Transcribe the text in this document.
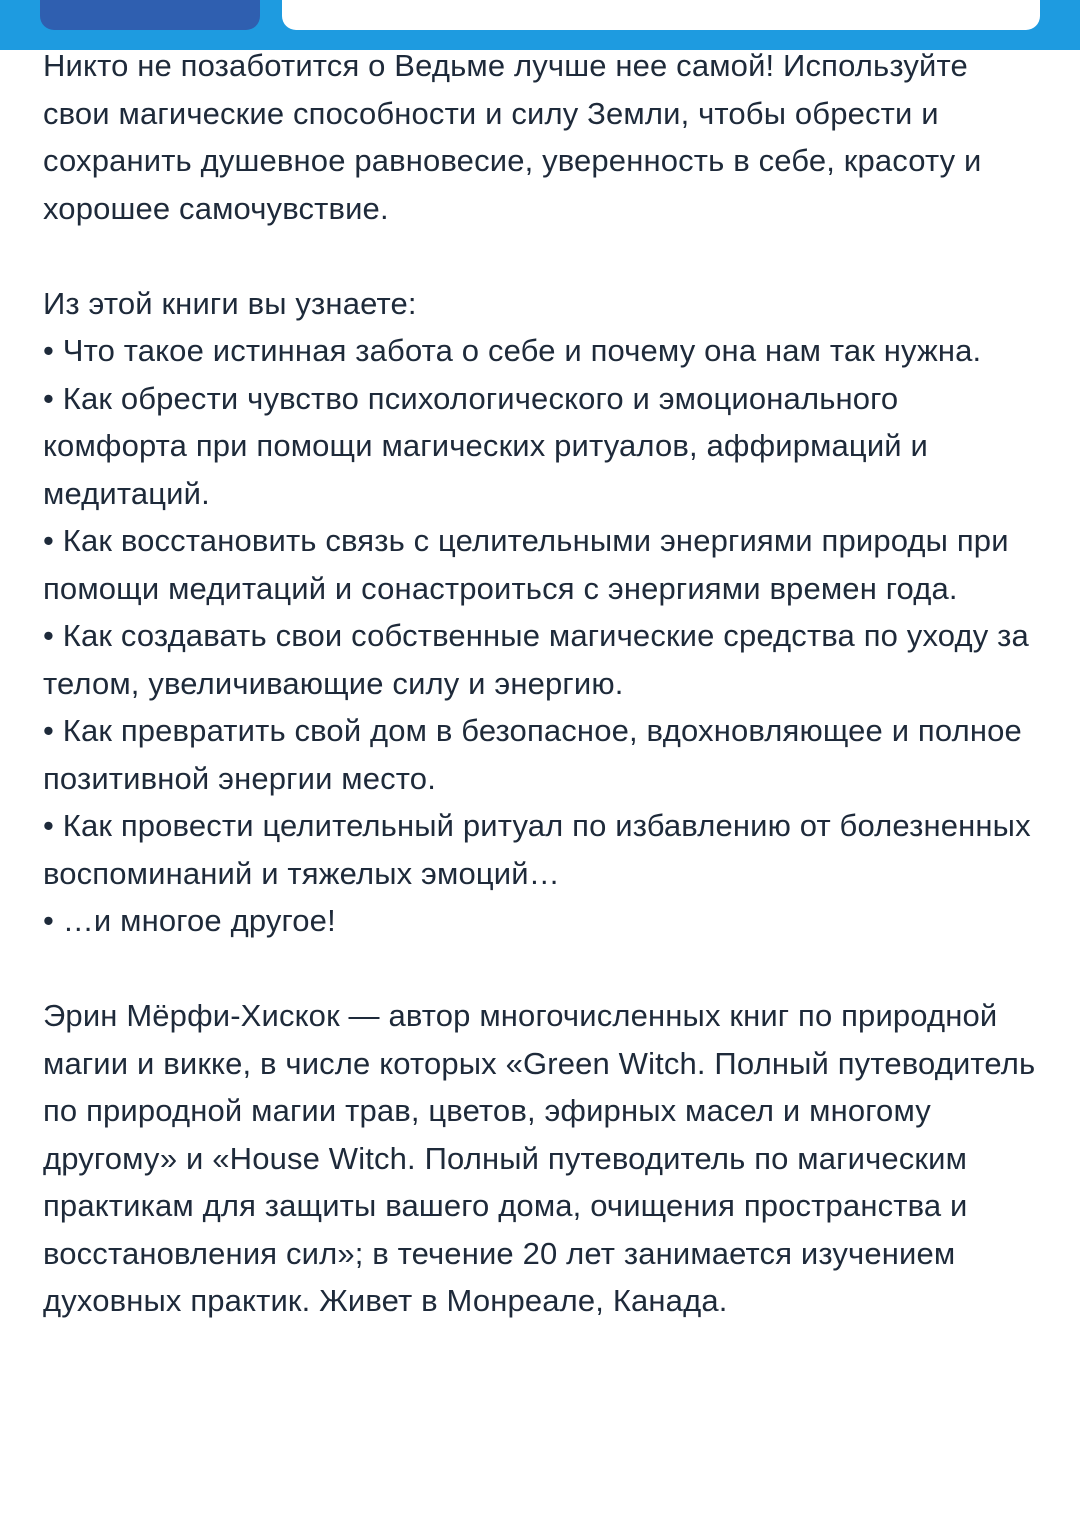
Никто не позаботится о Ведьме лучше нее самой! Используйте свои магические способности и силу Земли, чтобы обрести и сохранить душевное равновесие, уверенность в себе, красоту и хорошее самочувствие.

Из этой книги вы узнаете:

• Что такое истинная забота о себе и почему она нам так нужна.
• Как обрести чувство психологического и эмоционального комфорта при помощи магических ритуалов, аффирмаций и медитаций.
• Как восстановить связь с целительными энергиями природы при помощи медитаций и сонастроиться с энергиями времен года.
• Как создавать свои собственные магические средства по уходу за телом, увеличивающие силу и энергию.
• Как превратить свой дом в безопасное, вдохновляющее и полное позитивной энергии место.
• Как провести целительный ритуал по избавлению от болезненных воспоминаний и тяжелых эмоций…
• …и многое другое!

Эрин Мёрфи-Хискок — автор многочисленных книг по природной магии и викке, в числе которых «Green Witch. Полный путеводитель по природной магии трав, цветов, эфирных масел и многому другому» и «House Witch. Полный путеводитель по магическим практикам для защиты вашего дома, очищения пространства и восстановления сил»; в течение 20 лет занимается изучением духовных практик. Живет в Монреале, Канада.
